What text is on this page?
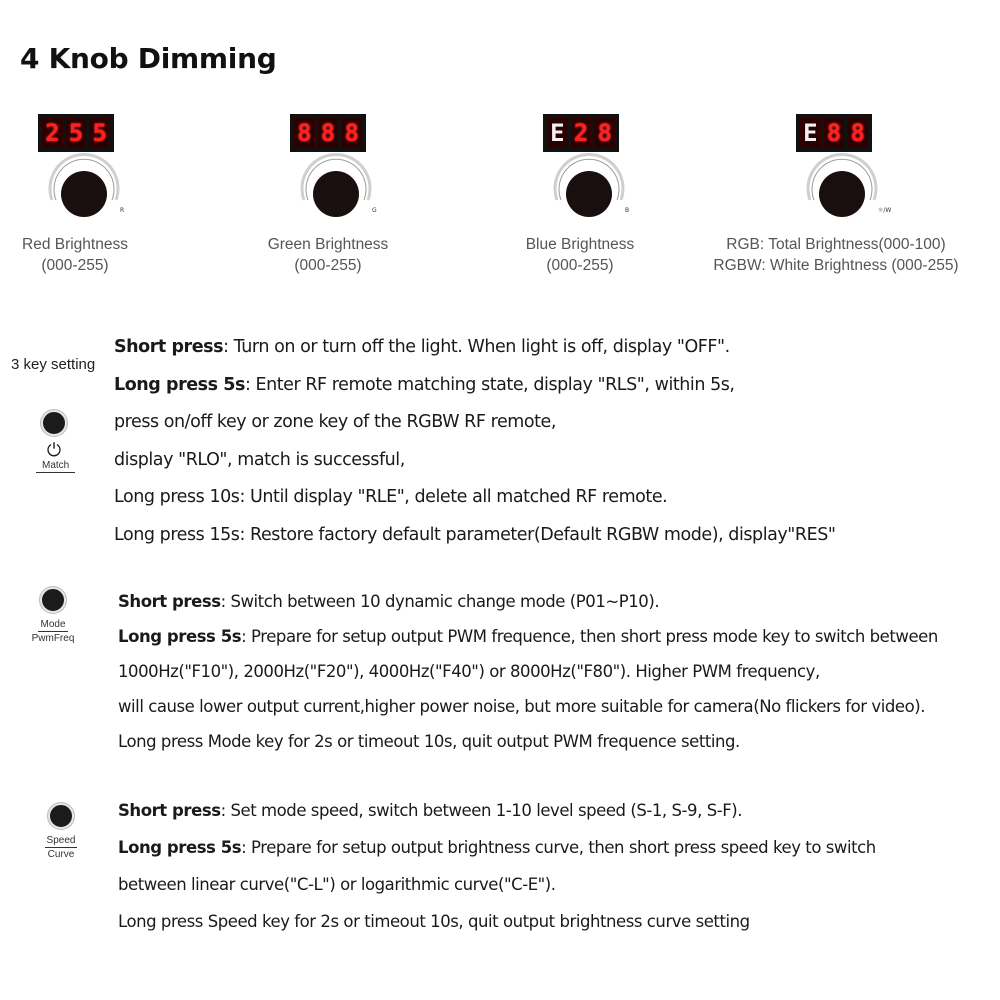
4 Knob Dimming
2 5 5
R
Red Brightness
(000-255)
8 8 8
G
Green Brightness
(000-255)
E 2 8
B
Blue Brightness
(000-255)
E 8 8
☼/W
RGB: Total Brightness(000-100)
RGBW: White Brightness (000-255)
3 key setting
⏻
Match
Short press: Turn on or turn off the light. When light is off, display "OFF".
Long press 5s: Enter RF remote matching state, display "RLS", within 5s,
press on/off key or zone key of the RGBW RF remote,
display "RLO", match is successful,
Long press 10s: Until display "RLE", delete all matched RF remote.
Long press 15s: Restore factory default parameter(Default RGBW mode), display"RES"
Mode
PwmFreq
Short press: Switch between 10 dynamic change mode (P01~P10).
Long press 5s: Prepare for setup output PWM frequence, then short press mode key to switch between
1000Hz("F10"), 2000Hz("F20"), 4000Hz("F40") or 8000Hz("F80"). Higher PWM frequency,
will cause lower output current,higher power noise, but more suitable for camera(No flickers for video).
Long press Mode key for 2s or timeout 10s, quit output PWM frequence setting.
Speed
Curve
Short press: Set mode speed, switch between 1-10 level speed (S-1, S-9, S-F).
Long press 5s: Prepare for setup output brightness curve, then short press speed key to switch
between linear curve("C-L") or logarithmic curve("C-E").
Long press Speed key for 2s or timeout 10s, quit output brightness curve setting
